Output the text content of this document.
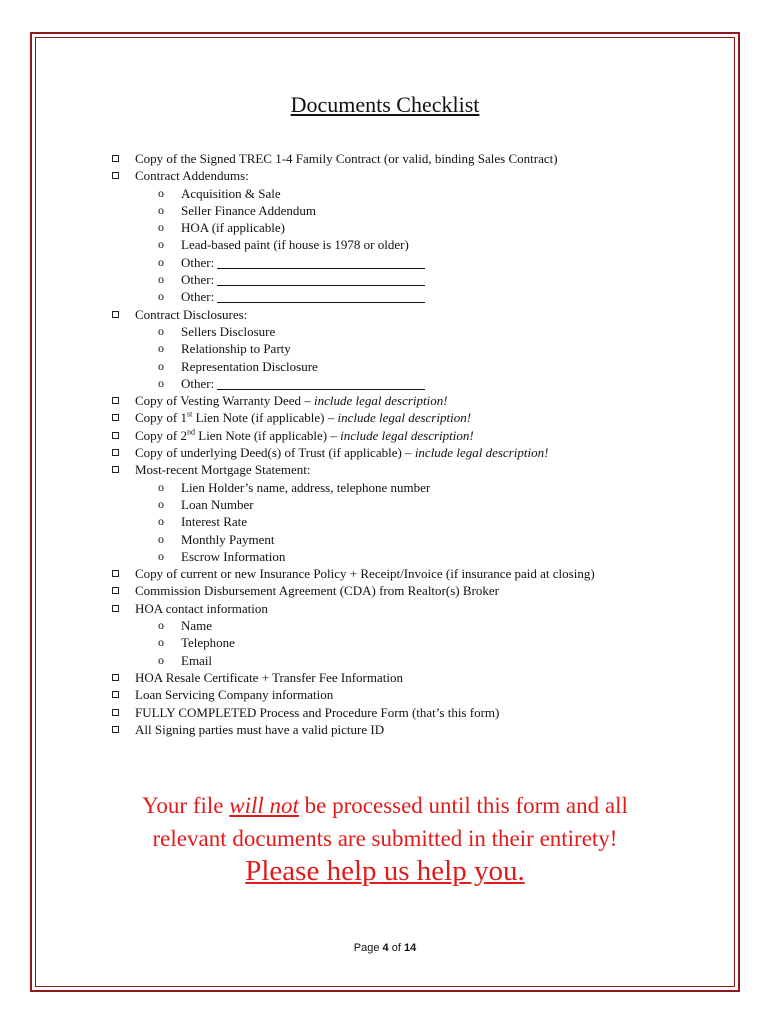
Documents Checklist
Copy of the Signed TREC 1-4 Family Contract (or valid, binding Sales Contract)
Contract Addendums:
o Acquisition & Sale
o Seller Finance Addendum
o HOA (if applicable)
o Lead-based paint (if house is 1978 or older)
o Other:
o Other:
o Other:
Contract Disclosures:
o Sellers Disclosure
o Relationship to Party
o Representation Disclosure
o Other:
Copy of Vesting Warranty Deed – include legal description!
Copy of 1st Lien Note (if applicable) – include legal description!
Copy of 2nd Lien Note (if applicable) – include legal description!
Copy of underlying Deed(s) of Trust (if applicable) – include legal description!
Most-recent Mortgage Statement:
o Lien Holder’s name, address, telephone number
o Loan Number
o Interest Rate
o Monthly Payment
o Escrow Information
Copy of current or new Insurance Policy + Receipt/Invoice (if insurance paid at closing)
Commission Disbursement Agreement (CDA) from Realtor(s) Broker
HOA contact information
o Name
o Telephone
o Email
HOA Resale Certificate + Transfer Fee Information
Loan Servicing Company information
FULLY COMPLETED Process and Procedure Form (that’s this form)
All Signing parties must have a valid picture ID
Your file will not be processed until this form and all
relevant documents are submitted in their entirety!
Please help us help you.
Page 4 of 14
